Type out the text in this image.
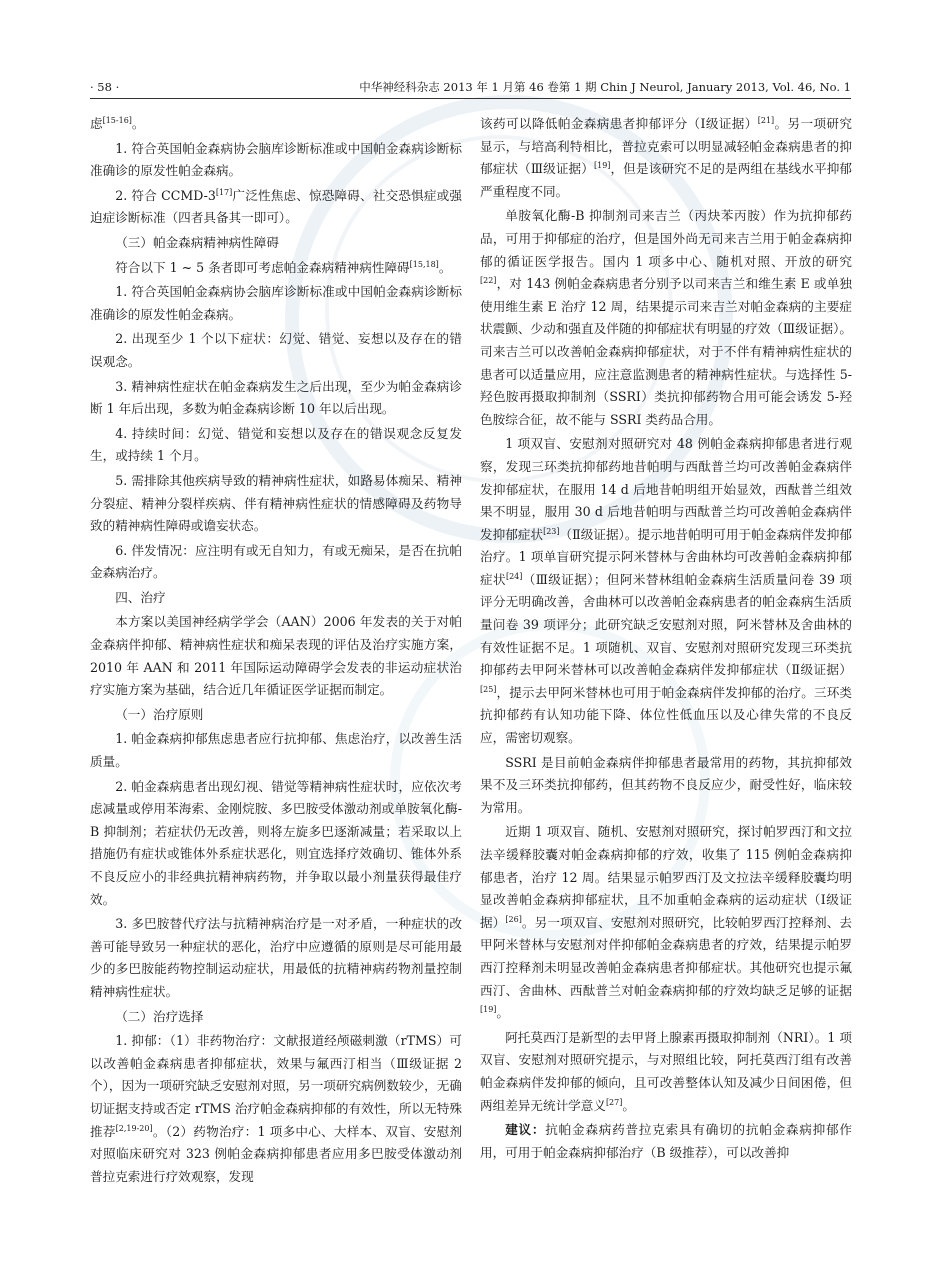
· 58 ·	中华神经科杂志 2013 年 1 月第 46 卷第 1 期 Chin J Neurol, January 2013, Vol. 46, No. 1

虑[15-16]。

1. 符合英国帕金森病协会脑库诊断标准或中国帕金森病诊断标准确诊的原发性帕金森病。

2. 符合 CCMD-3[17]广泛性焦虑、惊恐障碍、社交恐惧症或强迫症诊断标准（四者具备其一即可）。

（三）帕金森病精神病性障碍

符合以下 1 ~ 5 条者即可考虑帕金森病精神病性障碍[15,18]。

1. 符合英国帕金森病协会脑库诊断标准或中国帕金森病诊断标准确诊的原发性帕金森病。

2. 出现至少 1 个以下症状：幻觉、错觉、妄想以及存在的错误观念。

3. 精神病性症状在帕金森病发生之后出现，至少为帕金森病诊断 1 年后出现，多数为帕金森病诊断 10 年以后出现。

4. 持续时间：幻觉、错觉和妄想以及存在的错误观念反复发生，或持续 1 个月。

5. 需排除其他疾病导致的精神病性症状，如路易体痴呆、精神分裂症、精神分裂样疾病、伴有精神病性症状的情感障碍及药物导致的精神病性障碍或谵妄状态。

6. 伴发情况：应注明有或无自知力，有或无痴呆，是否在抗帕金森病治疗。

四、治疗

本方案以美国神经病学学会（AAN）2006 年发表的关于对帕金森病伴抑郁、精神病性症状和痴呆表现的评估及治疗实施方案，2010 年 AAN 和 2011 年国际运动障碍学会发表的非运动症状治疗实施方案为基础，结合近几年循证医学证据而制定。

（一）治疗原则

1. 帕金森病抑郁焦虑患者应行抗抑郁、焦虑治疗，以改善生活质量。

2. 帕金森病患者出现幻视、错觉等精神病性症状时，应依次考虑减量或停用苯海索、金刚烷胺、多巴胺受体激动剂或单胺氧化酶-B 抑制剂；若症状仍无改善，则将左旋多巴逐渐减量；若采取以上措施仍有症状或锥体外系症状恶化，则宜选择疗效确切、锥体外系不良反应小的非经典抗精神病药物，并争取以最小剂量获得最佳疗效。

3. 多巴胺替代疗法与抗精神病治疗是一对矛盾，一种症状的改善可能导致另一种症状的恶化，治疗中应遵循的原则是尽可能用最少的多巴胺能药物控制运动症状，用最低的抗精神病药物剂量控制精神病性症状。

（二）治疗选择

1. 抑郁：（1）非药物治疗：文献报道经颅磁刺激（rTMS）可以改善帕金森病患者抑郁症状，效果与氟西汀相当（Ⅲ级证据 2 个），因为一项研究缺乏安慰剂对照，另一项研究病例数较少，无确切证据支持或否定 rTMS 治疗帕金森病抑郁的有效性，所以无特殊推荐[2,19-20]。（2）药物治疗：1 项多中心、大样本、双盲、安慰剂对照临床研究对 323 例帕金森病抑郁患者应用多巴胺受体激动剂普拉克索进行疗效观察，发现

该药可以降低帕金森病患者抑郁评分（Ⅰ级证据）[21]。另一项研究显示，与培高利特相比，普拉克索可以明显减轻帕金森病患者的抑郁症状（Ⅲ级证据）[19]，但是该研究不足的是两组在基线水平抑郁严重程度不同。

单胺氧化酶-B 抑制剂司来吉兰（丙炔苯丙胺）作为抗抑郁药品，可用于抑郁症的治疗，但是国外尚无司来吉兰用于帕金森病抑郁的循证医学报告。国内 1 项多中心、随机对照、开放的研究[22]，对 143 例帕金森病患者分别予以司来吉兰和维生素 E 或单独使用维生素 E 治疗 12 周，结果提示司来吉兰对帕金森病的主要症状震颤、少动和强直及伴随的抑郁症状有明显的疗效（Ⅲ级证据）。司来吉兰可以改善帕金森病抑郁症状，对于不伴有精神病性症状的患者可以适量应用，应注意监测患者的精神病性症状。与选择性 5-羟色胺再摄取抑制剂（SSRI）类抗抑郁药物合用可能会诱发 5-羟色胺综合征，故不能与 SSRI 类药品合用。

1 项双盲、安慰剂对照研究对 48 例帕金森病抑郁患者进行观察，发现三环类抗抑郁药地昔帕明与西酞普兰均可改善帕金森病伴发抑郁症状，在服用 14 d 后地昔帕明组开始显效，西酞普兰组效果不明显，服用 30 d 后地昔帕明与西酞普兰均可改善帕金森病伴发抑郁症状[23]（Ⅱ级证据）。提示地昔帕明可用于帕金森病伴发抑郁治疗。1 项单盲研究提示阿米替林与舍曲林均可改善帕金森病抑郁症状[24]（Ⅲ级证据）；但阿米替林组帕金森病生活质量问卷 39 项评分无明确改善，舍曲林可以改善帕金森病患者的帕金森病生活质量问卷 39 项评分；此研究缺乏安慰剂对照，阿米替林及舍曲林的有效性证据不足。1 项随机、双盲、安慰剂对照研究发现三环类抗抑郁药去甲阿米替林可以改善帕金森病伴发抑郁症状（Ⅱ级证据）[25]，提示去甲阿米替林也可用于帕金森病伴发抑郁的治疗。三环类抗抑郁药有认知功能下降、体位性低血压以及心律失常的不良反应，需密切观察。

SSRI 是目前帕金森病伴抑郁患者最常用的药物，其抗抑郁效果不及三环类抗抑郁药，但其药物不良反应少，耐受性好，临床较为常用。

近期 1 项双盲、随机、安慰剂对照研究，探讨帕罗西汀和文拉法辛缓释胶囊对帕金森病抑郁的疗效，收集了 115 例帕金森病抑郁患者，治疗 12 周。结果显示帕罗西汀及文拉法辛缓释胶囊均明显改善帕金森病抑郁症状，且不加重帕金森病的运动症状（Ⅰ级证据）[26]。另一项双盲、安慰剂对照研究，比较帕罗西汀控释剂、去甲阿米替林与安慰剂对伴抑郁帕金森病患者的疗效，结果提示帕罗西汀控释剂未明显改善帕金森病患者抑郁症状。其他研究也提示氟西汀、舍曲林、西酞普兰对帕金森病抑郁的疗效均缺乏足够的证据[19]。

阿托莫西汀是新型的去甲肾上腺素再摄取抑制剂（NRI）。1 项双盲、安慰剂对照研究提示，与对照组比较，阿托莫西汀组有改善帕金森病伴发抑郁的倾向，且可改善整体认知及减少日间困倦，但两组差异无统计学意义[27]。

建议：抗帕金森病药普拉克索具有确切的抗帕金森病抑郁作用，可用于帕金森病抑郁治疗（B 级推荐），可以改善抑
